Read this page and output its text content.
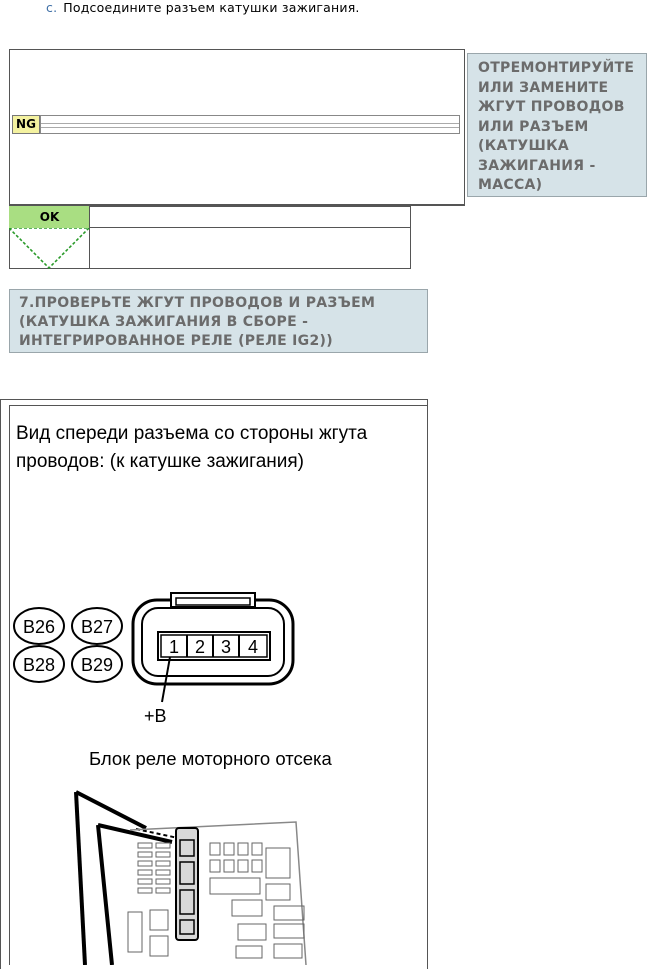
c. Подсоедините разъем катушки зажигания.
NG
ОТРЕМОНТИРУЙТЕ
ИЛИ ЗАМЕНИТЕ
ЖГУТ ПРОВОДОВ
ИЛИ РАЗЪЕМ
(КАТУШКА
ЗАЖИГАНИЯ -
МАССА)
OK
7.ПРОВЕРЬТЕ ЖГУТ ПРОВОДОВ И РАЗЪЕМ
(КАТУШКА ЗАЖИГАНИЯ В СБОРЕ -
ИНТЕГРИРОВАННОЕ РЕЛЕ (РЕЛЕ IG2))
Вид спереди разъема со стороны жгута
проводов: (к катушке зажигания)
B26 B27
B28 B29
1 2 3 4
+B
Блок реле моторного отсека
